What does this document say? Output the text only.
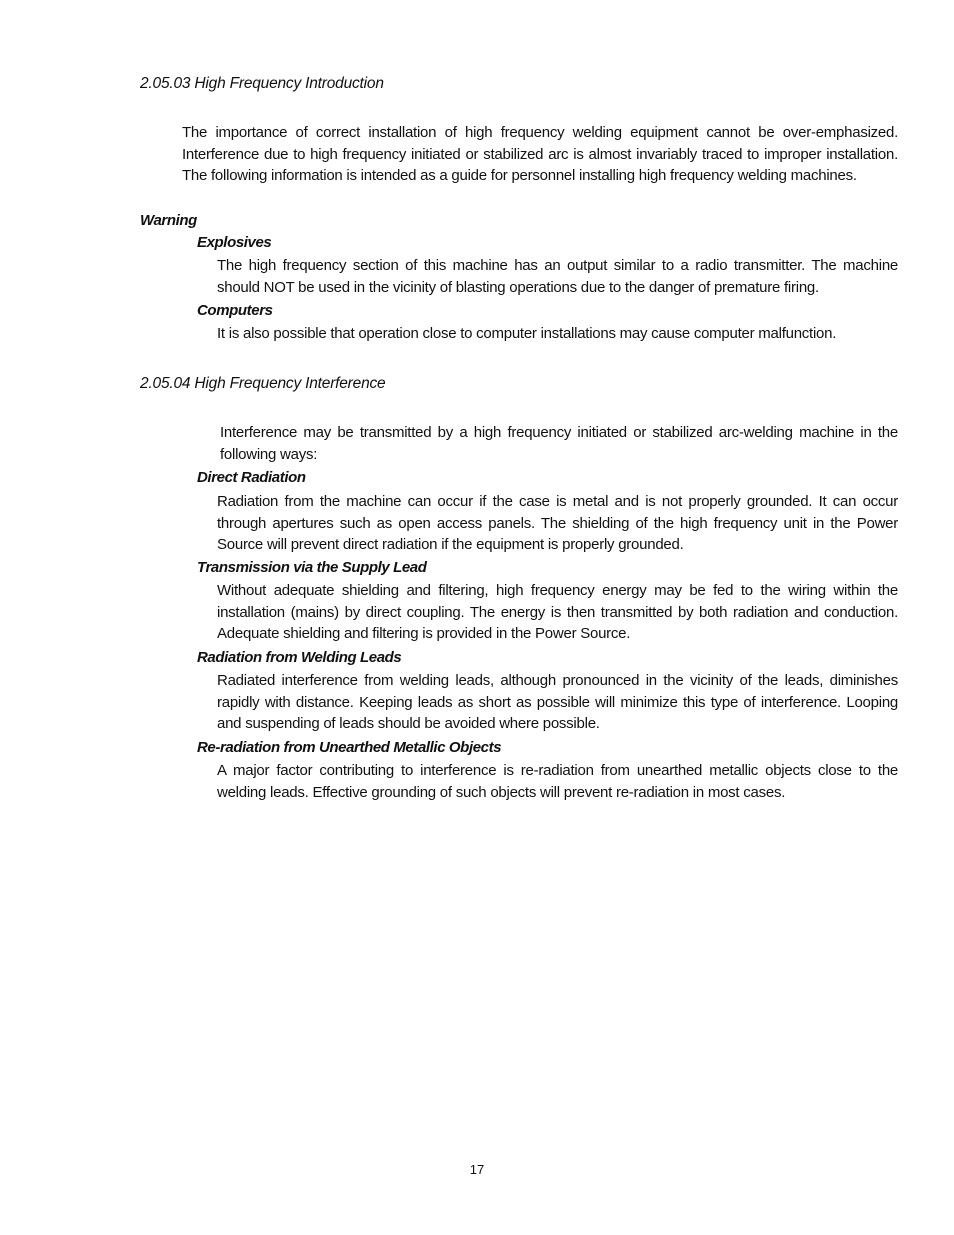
2.05.03 High Frequency Introduction
The importance of correct installation of high frequency welding equipment cannot be over-emphasized. Interference due to high frequency initiated or stabilized arc is almost invariably traced to improper installation. The following information is intended as a guide for personnel installing high frequency welding machines.
Warning
Explosives
The high frequency section of this machine has an output similar to a radio transmitter. The machine should NOT be used in the vicinity of blasting operations due to the danger of premature firing.
Computers
It is also possible that operation close to computer installations may cause computer malfunction.
2.05.04 High Frequency Interference
Interference may be transmitted by a high frequency initiated or stabilized arc-welding machine in the following ways:
Direct Radiation
Radiation from the machine can occur if the case is metal and is not properly grounded. It can occur through apertures such as open access panels. The shielding of the high frequency unit in the Power Source will prevent direct radiation if the equipment is properly grounded.
Transmission via the Supply Lead
Without adequate shielding and filtering, high frequency energy may be fed to the wiring within the installation (mains) by direct coupling. The energy is then transmitted by both radiation and conduction. Adequate shielding and filtering is provided in the Power Source.
Radiation from Welding Leads
Radiated interference from welding leads, although pronounced in the vicinity of the leads, diminishes rapidly with distance. Keeping leads as short as possible will minimize this type of interference. Looping and suspending of leads should be avoided where possible.
Re-radiation from Unearthed Metallic Objects
A major factor contributing to interference is re-radiation from unearthed metallic objects close to the welding leads. Effective grounding of such objects will prevent re-radiation in most cases.
17
